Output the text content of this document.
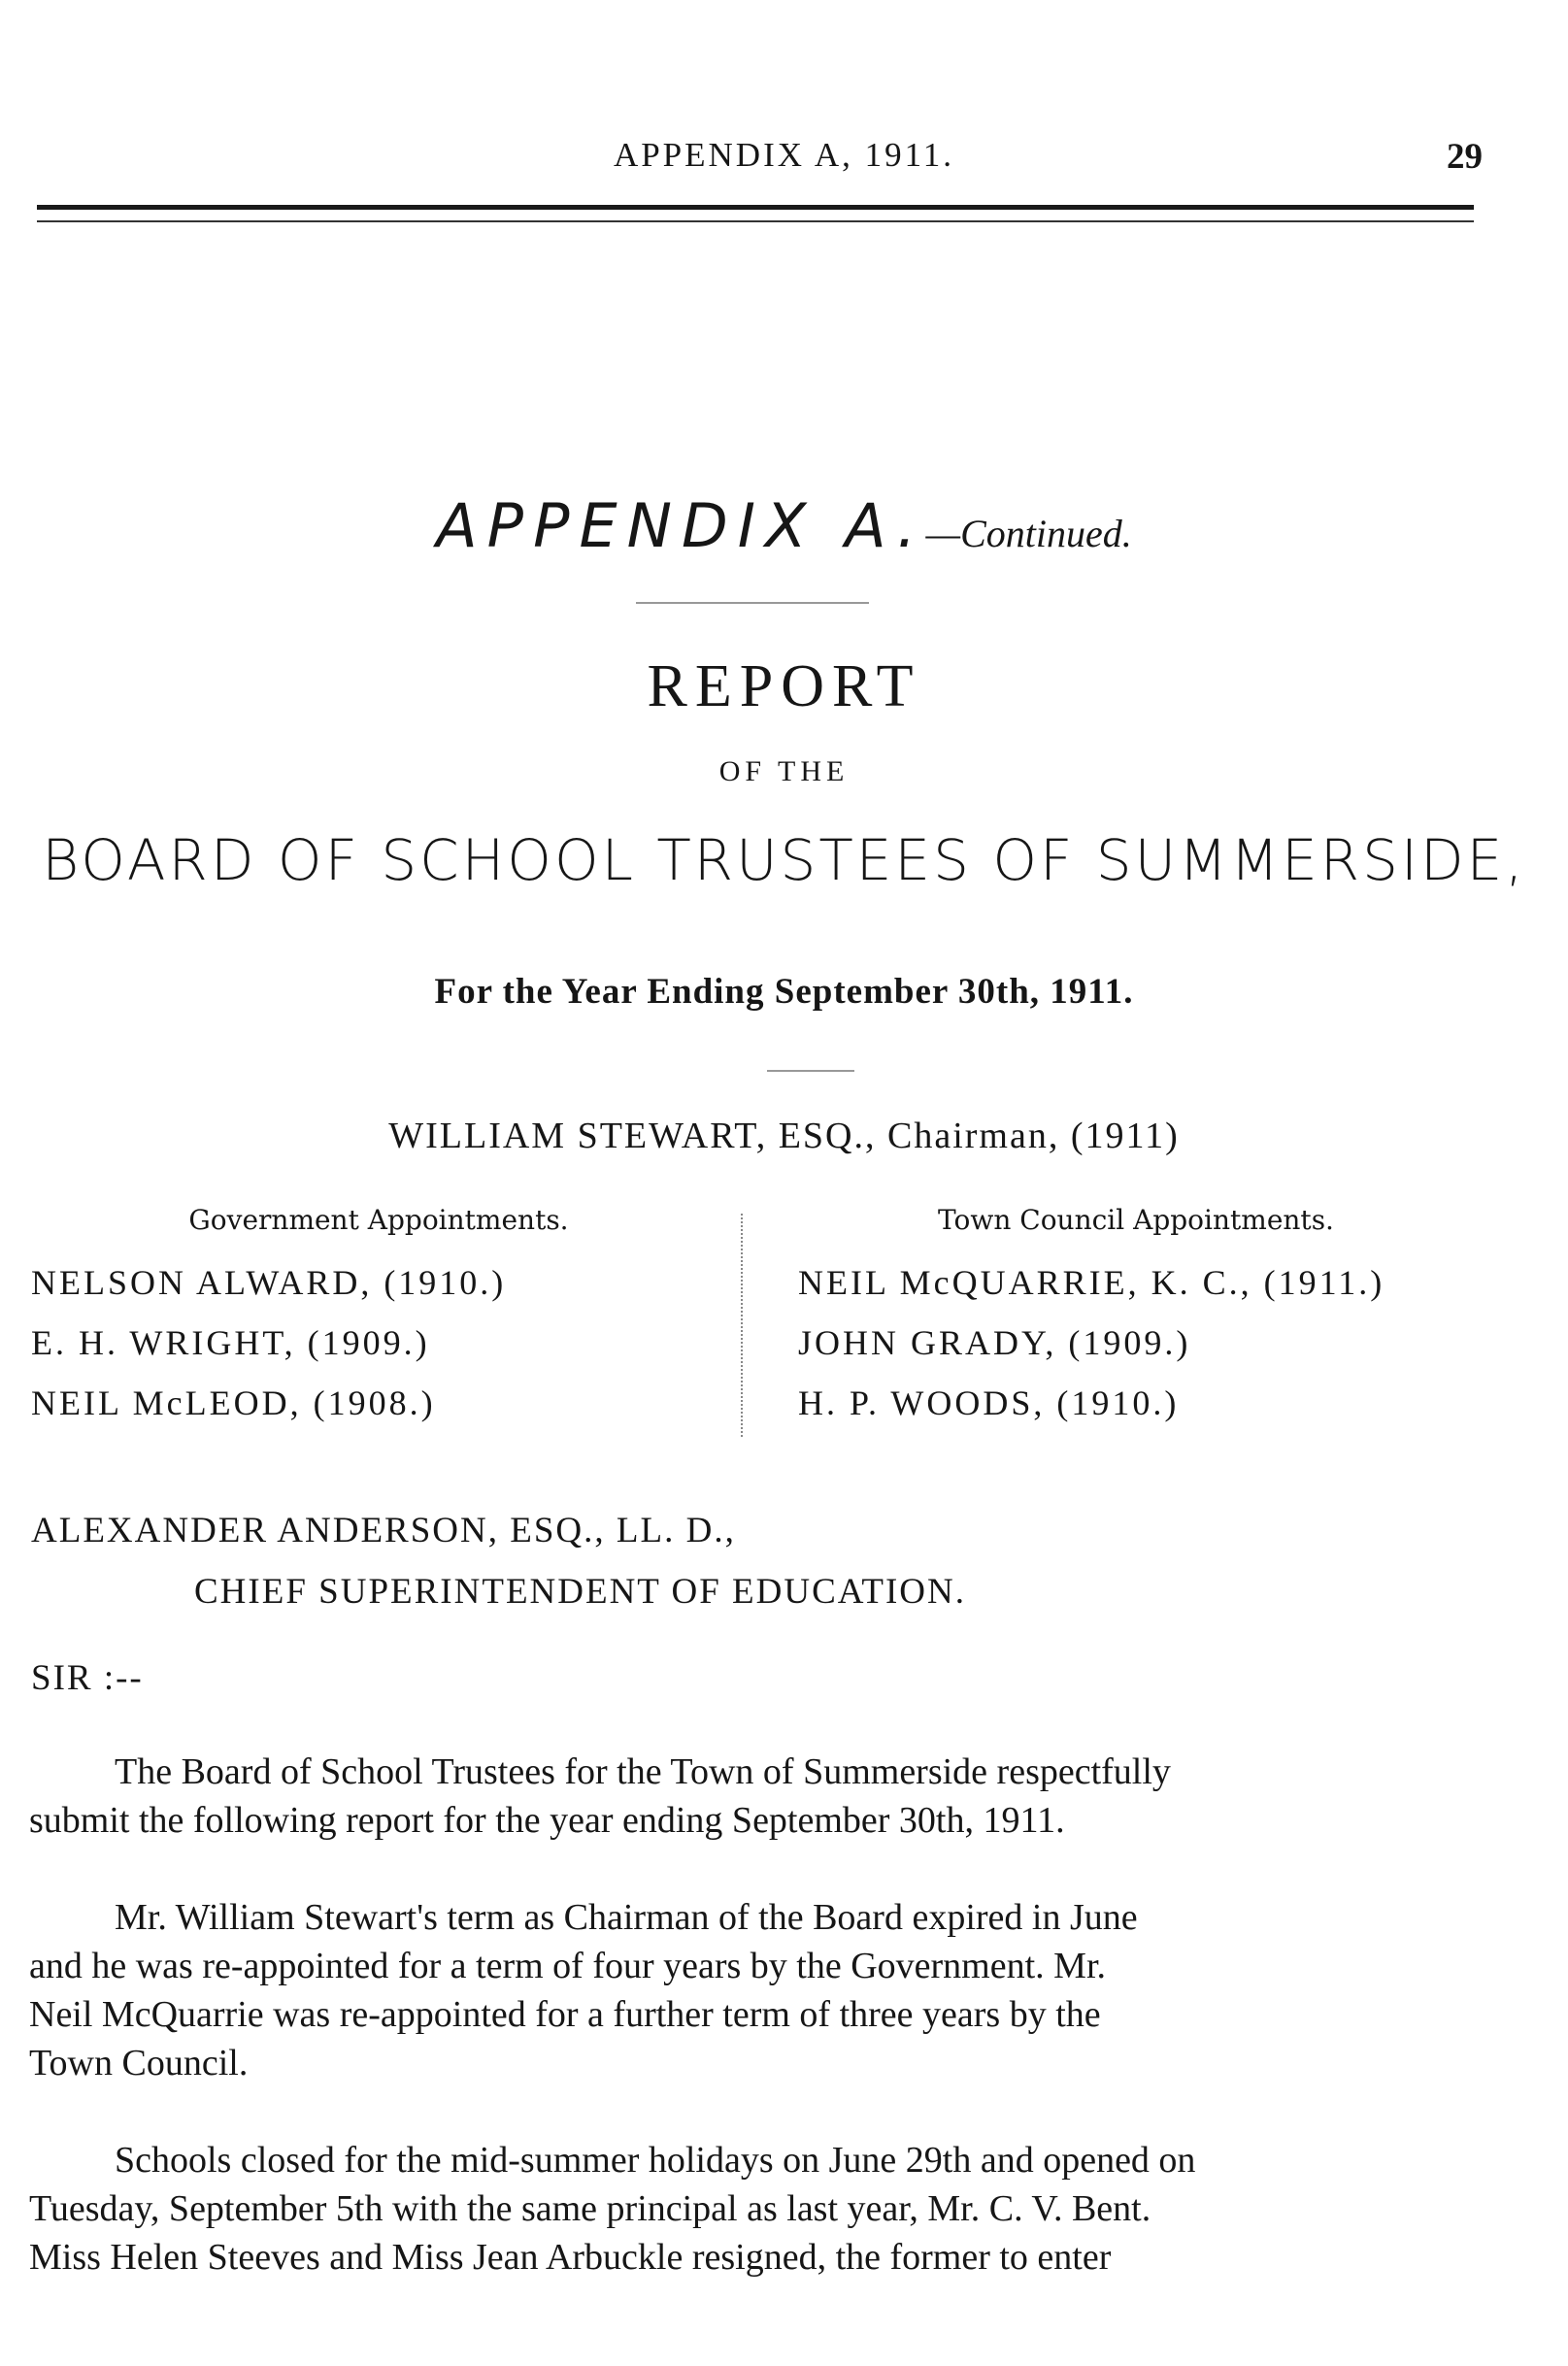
APPENDIX A, 1911.	29
APPENDIX A.—Continued.
REPORT
OF THE
BOARD OF SCHOOL TRUSTEES OF SUMMERSIDE,
For the Year Ending September 30th, 1911.
WILLIAM STEWART, ESQ., Chairman, (1911)
Government Appointments.	Town Council Appointments.
NELSON ALWARD, (1910.)
E. H. WRIGHT, (1909.)
NEIL McLEOD, (1908.)
NEIL McQUARRIE, K. C., (1911.)
JOHN GRADY, (1909.)
H. P. WOODS, (1910.)
ALEXANDER ANDERSON, ESQ., LL. D.,
CHIEF SUPERINTENDENT OF EDUCATION.
SIR :--
The Board of School Trustees for the Town of Summerside respectfully
submit the following report for the year ending September 30th, 1911.
Mr. William Stewart's term as Chairman of the Board expired in June
and he was re-appointed for a term of four years by the Government. Mr.
Neil McQuarrie was re-appointed for a further term of three years by the
Town Council.
Schools closed for the mid-summer holidays on June 29th and opened on
Tuesday, September 5th with the same principal as last year, Mr. C. V. Bent.
Miss Helen Steeves and Miss Jean Arbuckle resigned, the former to enter
